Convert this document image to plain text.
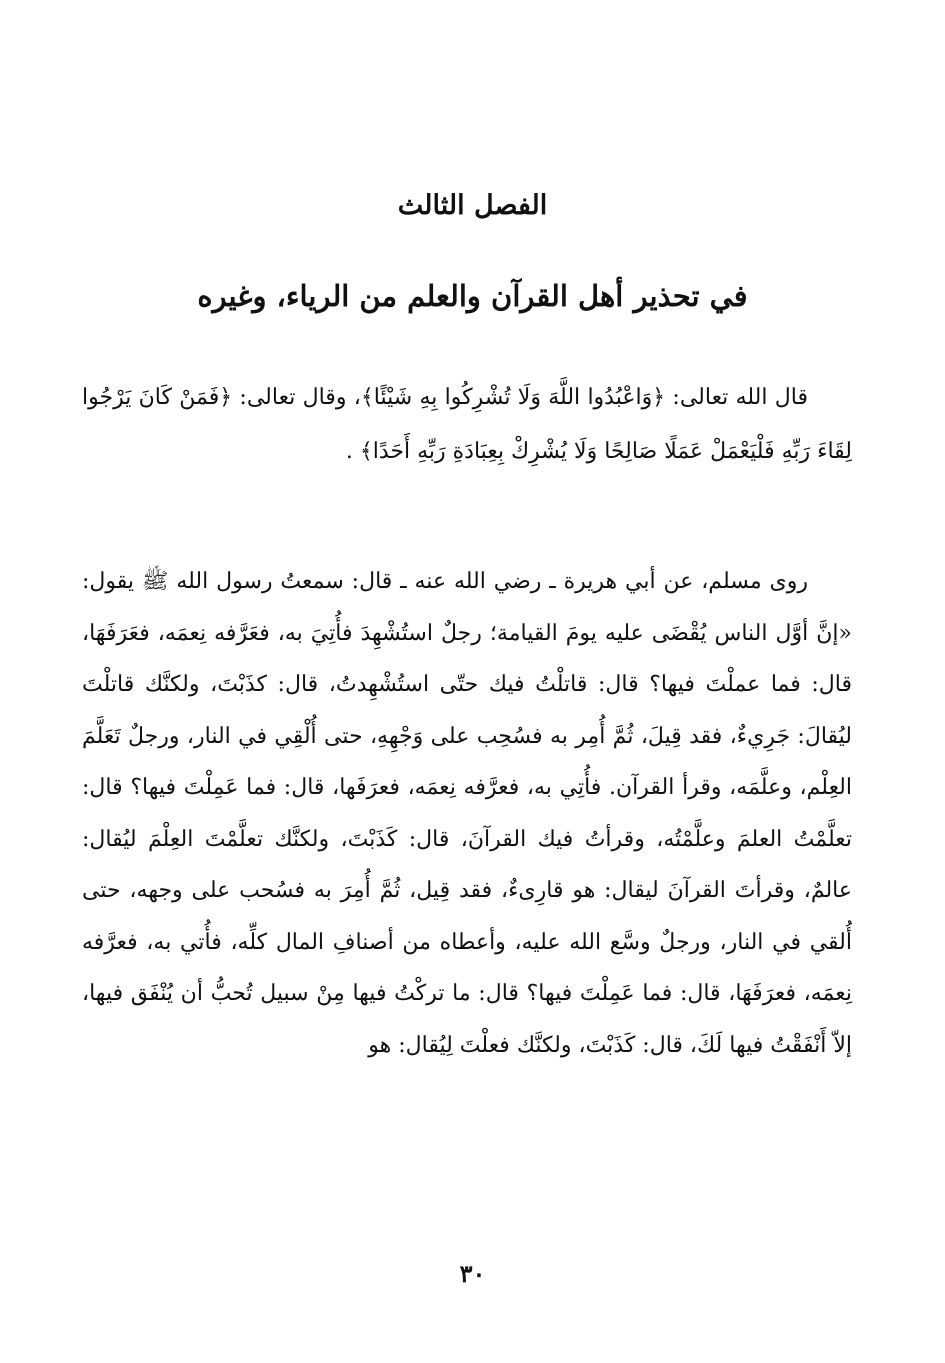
الفصل الثالث
في تحذير أهل القرآن والعلم من الرياء، وغيره

قال الله تعالى: ﴿وَاعْبُدُوا اللَّهَ وَلَا تُشْرِكُوا بِهِ شَيْئًا﴾، وقال تعالى: ﴿فَمَنْ كَانَ يَرْجُوا لِقَاءَ رَبِّهِ فَلْيَعْمَلْ عَمَلًا صَالِحًا وَلَا يُشْرِكْ بِعِبَادَةِ رَبِّهِ أَحَدًا﴾ .

روى مسلم، عن أبي هريرة ـ رضي الله عنه ـ قال: سمعتُ رسول الله ﷺ يقول: «إنَّ أوَّل الناس يُقْضَى عليه يومَ القيامة؛ رجلٌ استُشْهِدَ فأُتِيَ به، فعَرَّفه نِعمَه، فعَرَفَهَا، قال: فما عملْتَ فيها؟ قال: قاتلْتُ فيك حتّى استُشْهِدتُ، قال: كذَبْتَ، ولكنَّك قاتلْتَ ليُقالَ: جَرِيءٌ، فقد قِيلَ، ثُمَّ أُمِر به فسُحِب على وَجْهِهِ، حتى أُلْقِي في النار، ورجلٌ تَعَلَّمَ العِلْم، وعلَّمَه، وقرأ القرآن. فأُتِي به، فعرَّفه نِعمَه، فعرَفَها، قال: فما عَمِلْتَ فيها؟ قال: تعلَّمْتُ العلمَ وعلَّمْتُه، وقرأتُ فيك القرآنَ، قال: كَذَبْتَ، ولكنَّك تعلَّمْتَ العِلْمَ ليُقال: عالمٌ، وقرأتَ القرآنَ ليقال: هو قارِىءٌ، فقد قِيل، ثُمَّ أُمِرَ به فسُحب على وجهه، حتى أُلقي في النار، ورجلٌ وسَّع الله عليه، وأعطاه من أصنافِ المال كلِّه، فأُتي به، فعرَّفه نِعمَه، فعرَفَهَا، قال: فما عَمِلْتَ فيها؟ قال: ما تركْتُ فيها مِنْ سبيل تُحبُّ أن يُنْفَق فيها، إلاّ أَنْفَقْتُ فيها لَكَ، قال: كَذَبْتَ، ولكنَّك فعلْتَ لِيُقال: هو

٣٠
